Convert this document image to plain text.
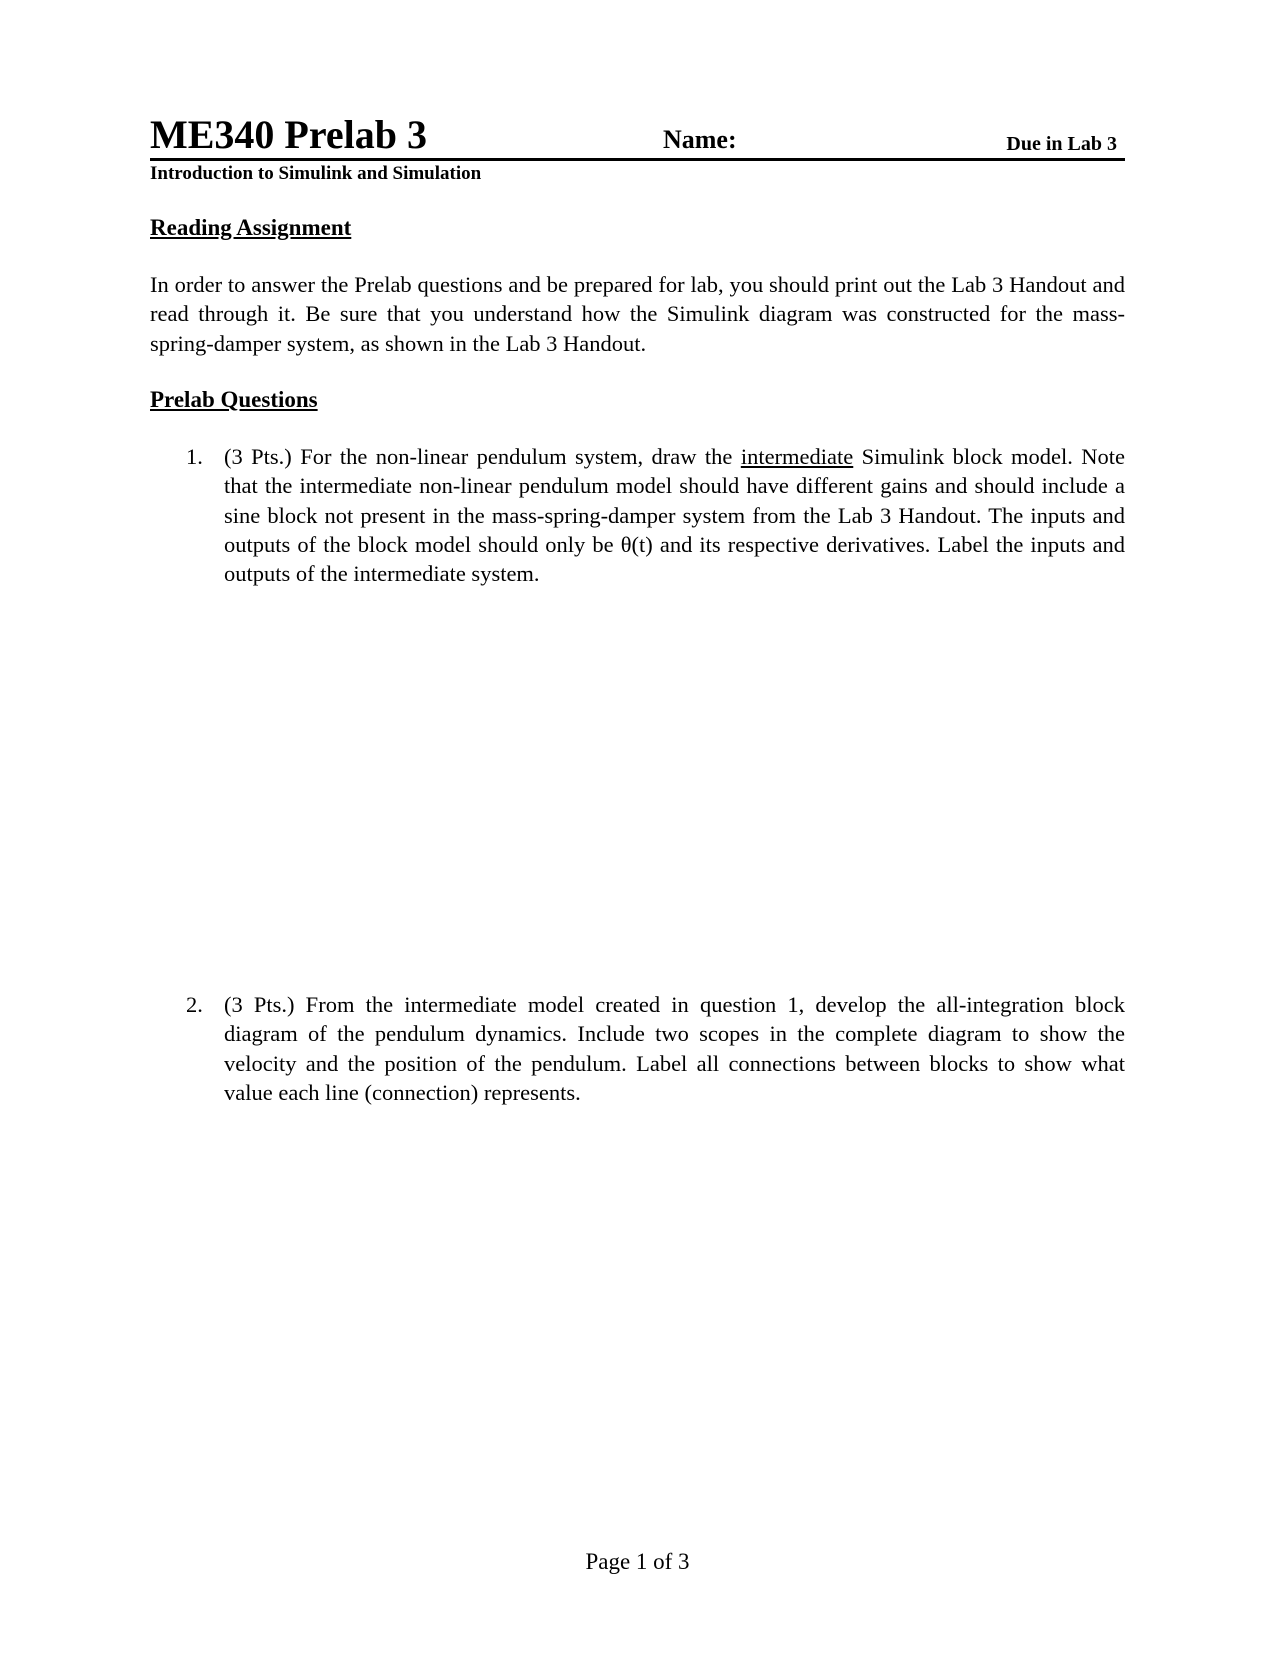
ME340 Prelab 3	Name:	Due in Lab 3
Introduction to Simulink and Simulation
Reading Assignment
In order to answer the Prelab questions and be prepared for lab, you should print out the Lab 3 Handout and read through it. Be sure that you understand how the Simulink diagram was constructed for the mass-spring-damper system, as shown in the Lab 3 Handout.
Prelab Questions
1. (3 Pts.) For the non-linear pendulum system, draw the intermediate Simulink block model. Note that the intermediate non-linear pendulum model should have different gains and should include a sine block not present in the mass-spring-damper system from the Lab 3 Handout. The inputs and outputs of the block model should only be θ(t) and its respective derivatives. Label the inputs and outputs of the intermediate system.
2. (3 Pts.) From the intermediate model created in question 1, develop the all-integration block diagram of the pendulum dynamics. Include two scopes in the complete diagram to show the velocity and the position of the pendulum. Label all connections between blocks to show what value each line (connection) represents.
Page 1 of 3
